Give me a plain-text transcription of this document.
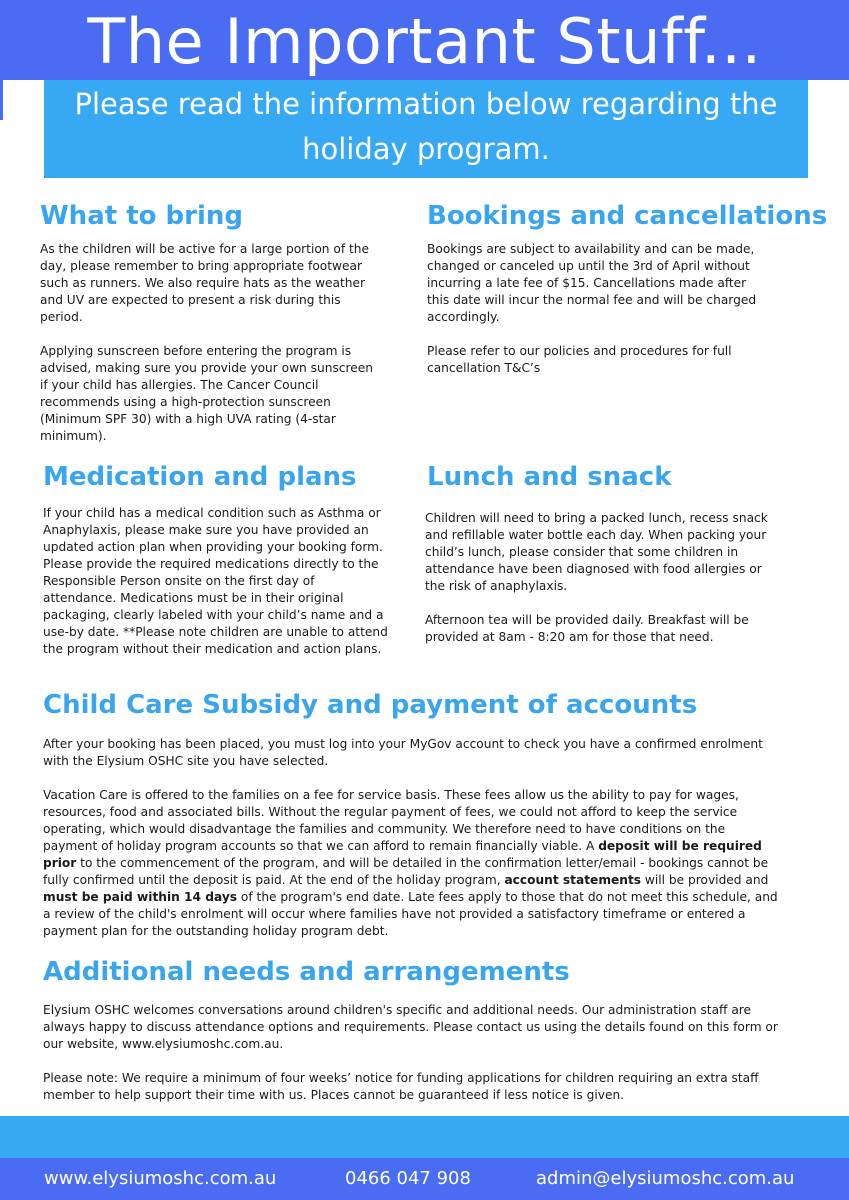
The Important Stuff...
Please read the information below regarding the holiday program.
What to bring

As the children will be active for a large portion of the day, please remember to bring appropriate footwear such as runners. We also require hats as the weather and UV are expected to present a risk during this period.

Applying sunscreen before entering the program is advised, making sure you provide your own sunscreen if your child has allergies. The Cancer Council recommends using a high-protection sunscreen (Minimum SPF 30) with a high UVA rating (4-star minimum).

Bookings and cancellations

Bookings are subject to availability and can be made, changed or canceled up until the 3rd of April without incurring a late fee of $15. Cancellations made after this date will incur the normal fee and will be charged accordingly.

Please refer to our policies and procedures for full cancellation T&C’s

Medication and plans

If your child has a medical condition such as Asthma or Anaphylaxis, please make sure you have provided an updated action plan when providing your booking form. Please provide the required medications directly to the Responsible Person onsite on the first day of attendance. Medications must be in their original packaging, clearly labeled with your child’s name and a use-by date. **Please note children are unable to attend the program without their medication and action plans.

Lunch and snack

Children will need to bring a packed lunch, recess snack and refillable water bottle each day. When packing your child’s lunch, please consider that some children in attendance have been diagnosed with food allergies or the risk of anaphylaxis.

Afternoon tea will be provided daily. Breakfast will be provided at 8am - 8:20 am for those that need.

Child Care Subsidy and payment of accounts

After your booking has been placed, you must log into your MyGov account to check you have a confirmed enrolment with the Elysium OSHC site you have selected.

Vacation Care is offered to the families on a fee for service basis. These fees allow us the ability to pay for wages, resources, food and associated bills. Without the regular payment of fees, we could not afford to keep the service operating, which would disadvantage the families and community. We therefore need to have conditions on the payment of holiday program accounts so that we can afford to remain financially viable. A deposit will be required prior to the commencement of the program, and will be detailed in the confirmation letter/email - bookings cannot be fully confirmed until the deposit is paid. At the end of the holiday program, account statements will be provided and must be paid within 14 days of the program's end date. Late fees apply to those that do not meet this schedule, and a review of the child's enrolment will occur where families have not provided a satisfactory timeframe or entered a payment plan for the outstanding holiday program debt.

Additional needs and arrangements

Elysium OSHC welcomes conversations around children's specific and additional needs. Our administration staff are always happy to discuss attendance options and requirements. Please contact us using the details found on this form or our website, www.elysiumoshc.com.au.

Please note: We require a minimum of four weeks’ notice for funding applications for children requiring an extra staff member to help support their time with us. Places cannot be guaranteed if less notice is given.

www.elysiumoshc.com.au	0466 047 908	admin@elysiumoshc.com.au
